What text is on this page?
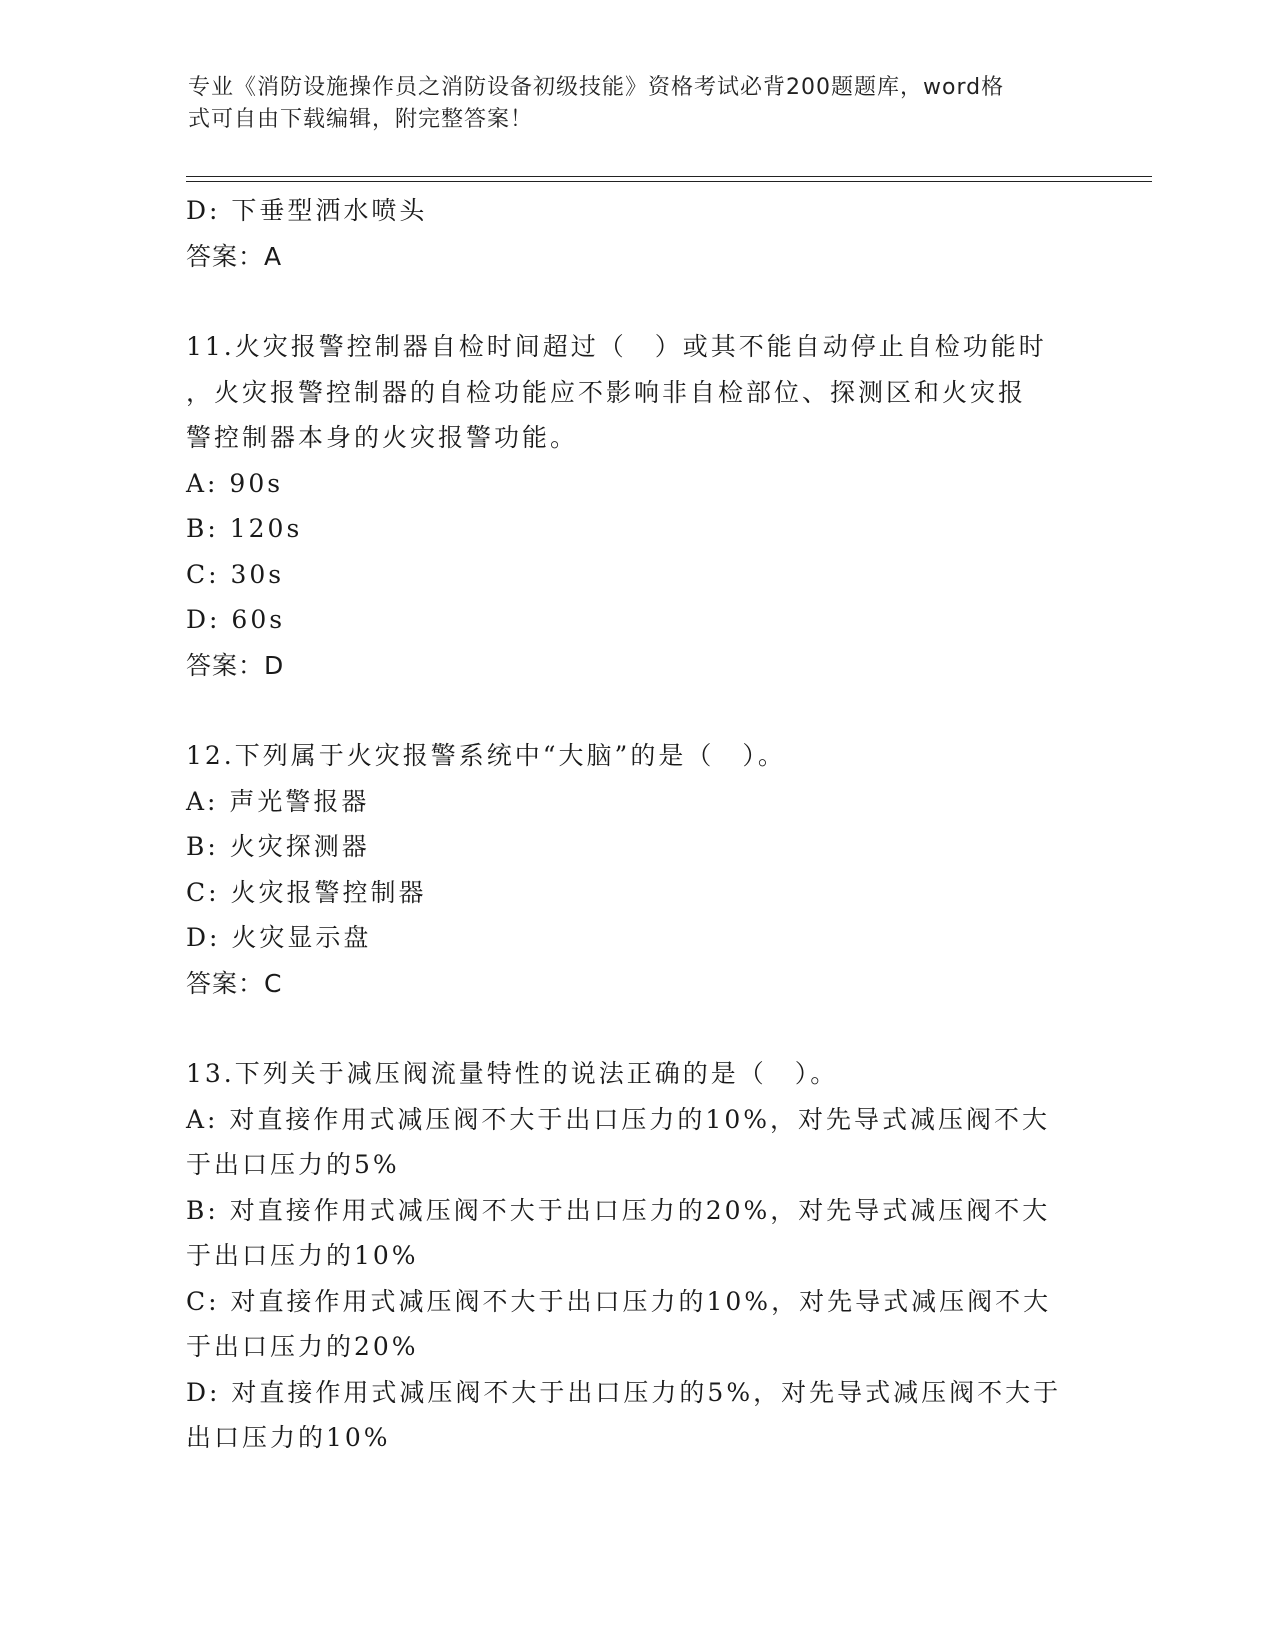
专业《消防设施操作员之消防设备初级技能》资格考试必背200题题库，word格
式可自由下载编辑，附完整答案！

D: 下垂型洒水喷头

答案：A

11.火灾报警控制器自检时间超过（　）或其不能自动停止自检功能时

，火灾报警控制器的自检功能应不影响非自检部位、探测区和火灾报

警控制器本身的火灾报警功能。

A: 90s

B: 120s

C: 30s

D: 60s

答案：D

12.下列属于火灾报警系统中“大脑”的是（　）。

A: 声光警报器

B: 火灾探测器

C: 火灾报警控制器

D: 火灾显示盘

答案：C

13.下列关于减压阀流量特性的说法正确的是（　）。

A: 对直接作用式减压阀不大于出口压力的10%，对先导式减压阀不大

于出口压力的5%

B: 对直接作用式减压阀不大于出口压力的20%，对先导式减压阀不大

于出口压力的10%

C: 对直接作用式减压阀不大于出口压力的10%，对先导式减压阀不大

于出口压力的20%

D: 对直接作用式减压阀不大于出口压力的5%，对先导式减压阀不大于

出口压力的10%
